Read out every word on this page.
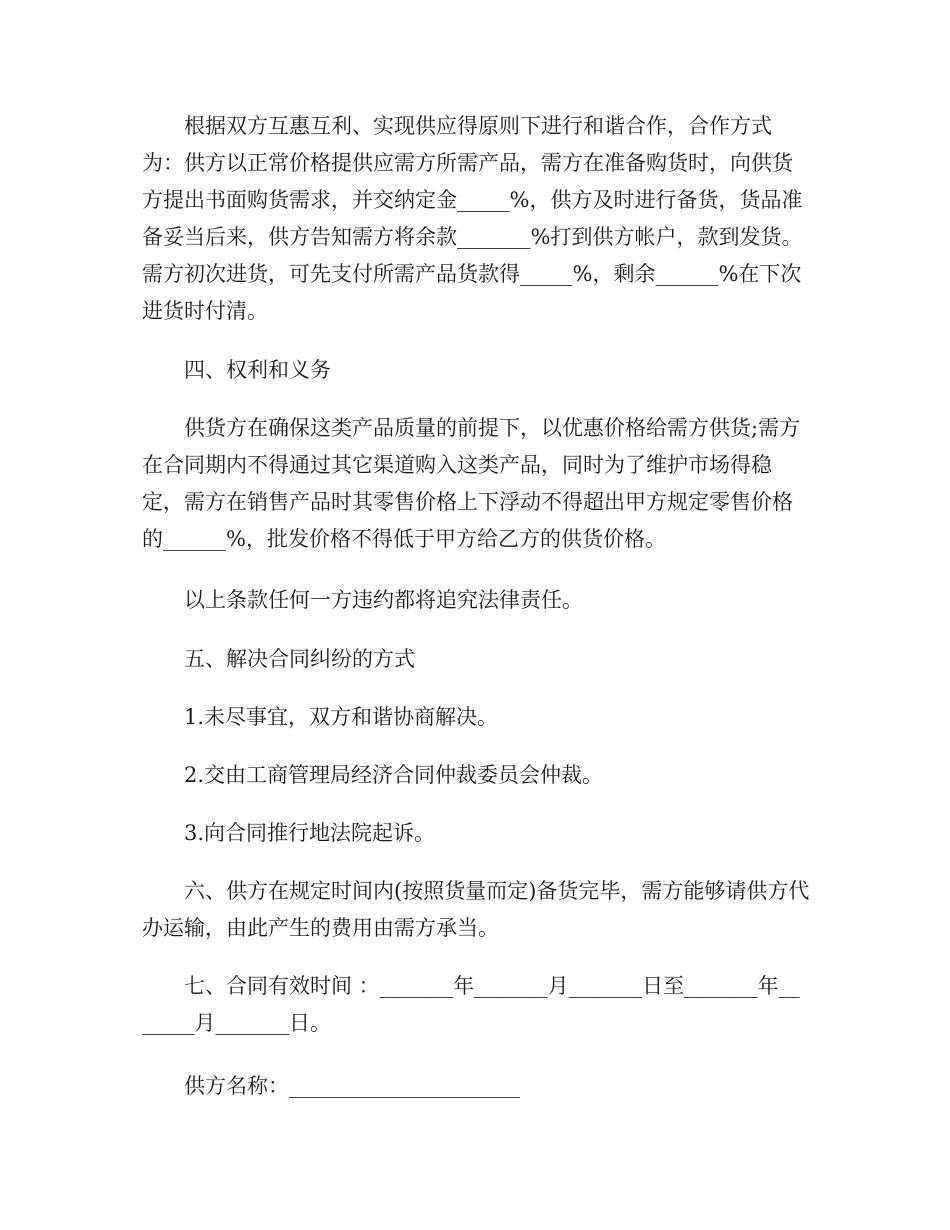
根据双方互惠互利、实现供应得原则下进行和谐合作，合作方式为：供方以正常价格提供应需方所需产品，需方在准备购货时，向供货方提出书面购货需求，并交纳定金_____%，供方及时进行备货，货品准备妥当后来，供方告知需方将余款_______%打到供方帐户，款到发货。需方初次进货，可先支付所需产品货款得_____%，剩余______%在下次进货时付清。

四、权利和义务

供货方在确保这类产品质量的前提下，以优惠价格给需方供货;需方在合同期内不得通过其它渠道购入这类产品，同时为了维护市场得稳定，需方在销售产品时其零售价格上下浮动不得超出甲方规定零售价格的______%，批发价格不得低于甲方给乙方的供货价格。

以上条款任何一方违约都将追究法律责任。

五、解决合同纠纷的方式

1.未尽事宜，双方和谐协商解决。

2.交由工商管理局经济合同仲裁委员会仲裁。

3.向合同推行地法院起诉。

六、供方在规定时间内(按照货量而定)备货完毕，需方能够请供方代办运输，由此产生的费用由需方承当。

七、合同有效时间 ：_______年_______月_______日至_______年_______月_______日。

供方名称：______________________
